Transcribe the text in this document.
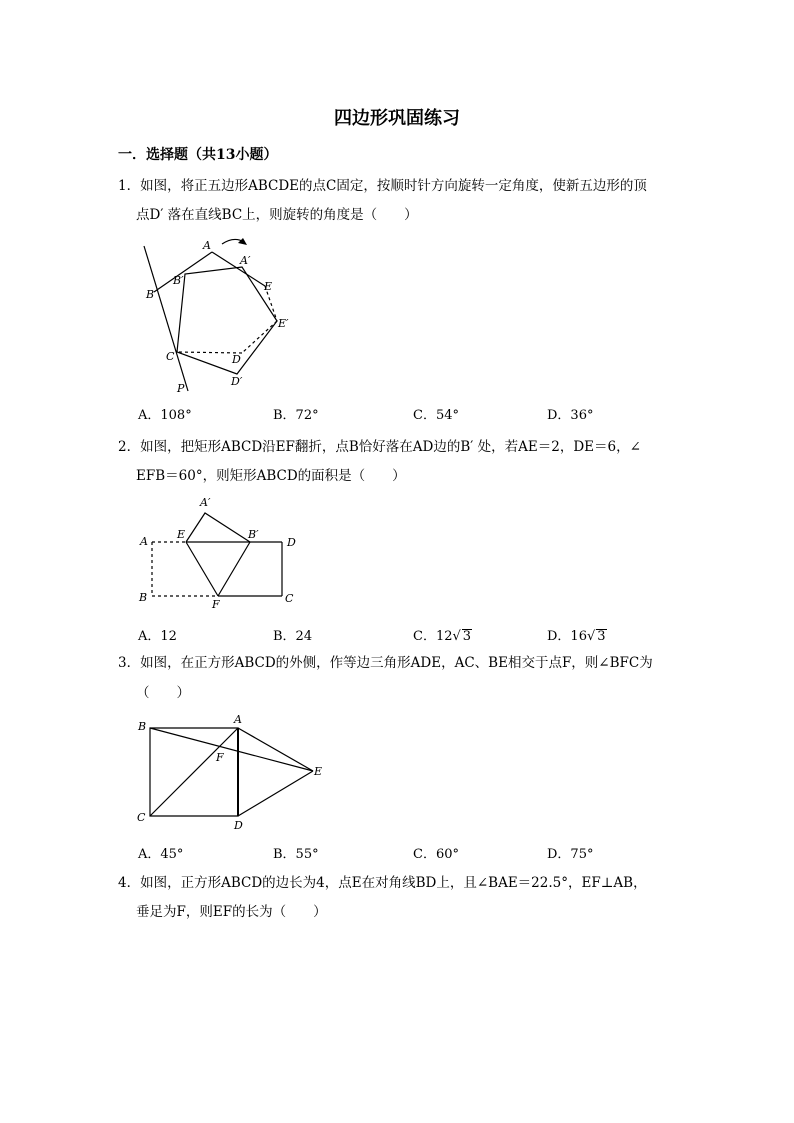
四边形巩固练习
一．选择题（共13小题）
1．如图，将正五边形ABCDE的点C固定，按顺时针方向旋转一定角度，使新五边形的顶
点D′ 落在直线BC上，则旋转的角度是（　　）
A
A′
B
B′
C	D
D′
E
E′
P
A．108°	B．72°	C．54°	D．36°
2．如图，把矩形ABCD沿EF翻折，点B恰好落在AD边的B′ 处，若AE＝2，DE＝6，∠
EFB＝60°，则矩形ABCD的面积是（　　）
A
A′
E	B′
D
B
F	C
A．12	B．24	C．12√ 3	D．16√ 3
3．如图，在正方形ABCD的外侧，作等边三角形ADE，AC、BE相交于点F，则∠BFC为
（　　）
A
B
F
E
C
D
A．45°	B．55°	C．60°	D．75°
4．如图，正方形ABCD的边长为4，点E在对角线BD上，且∠BAE＝22.5°，EF⊥AB，
垂足为F，则EF的长为（　　）
